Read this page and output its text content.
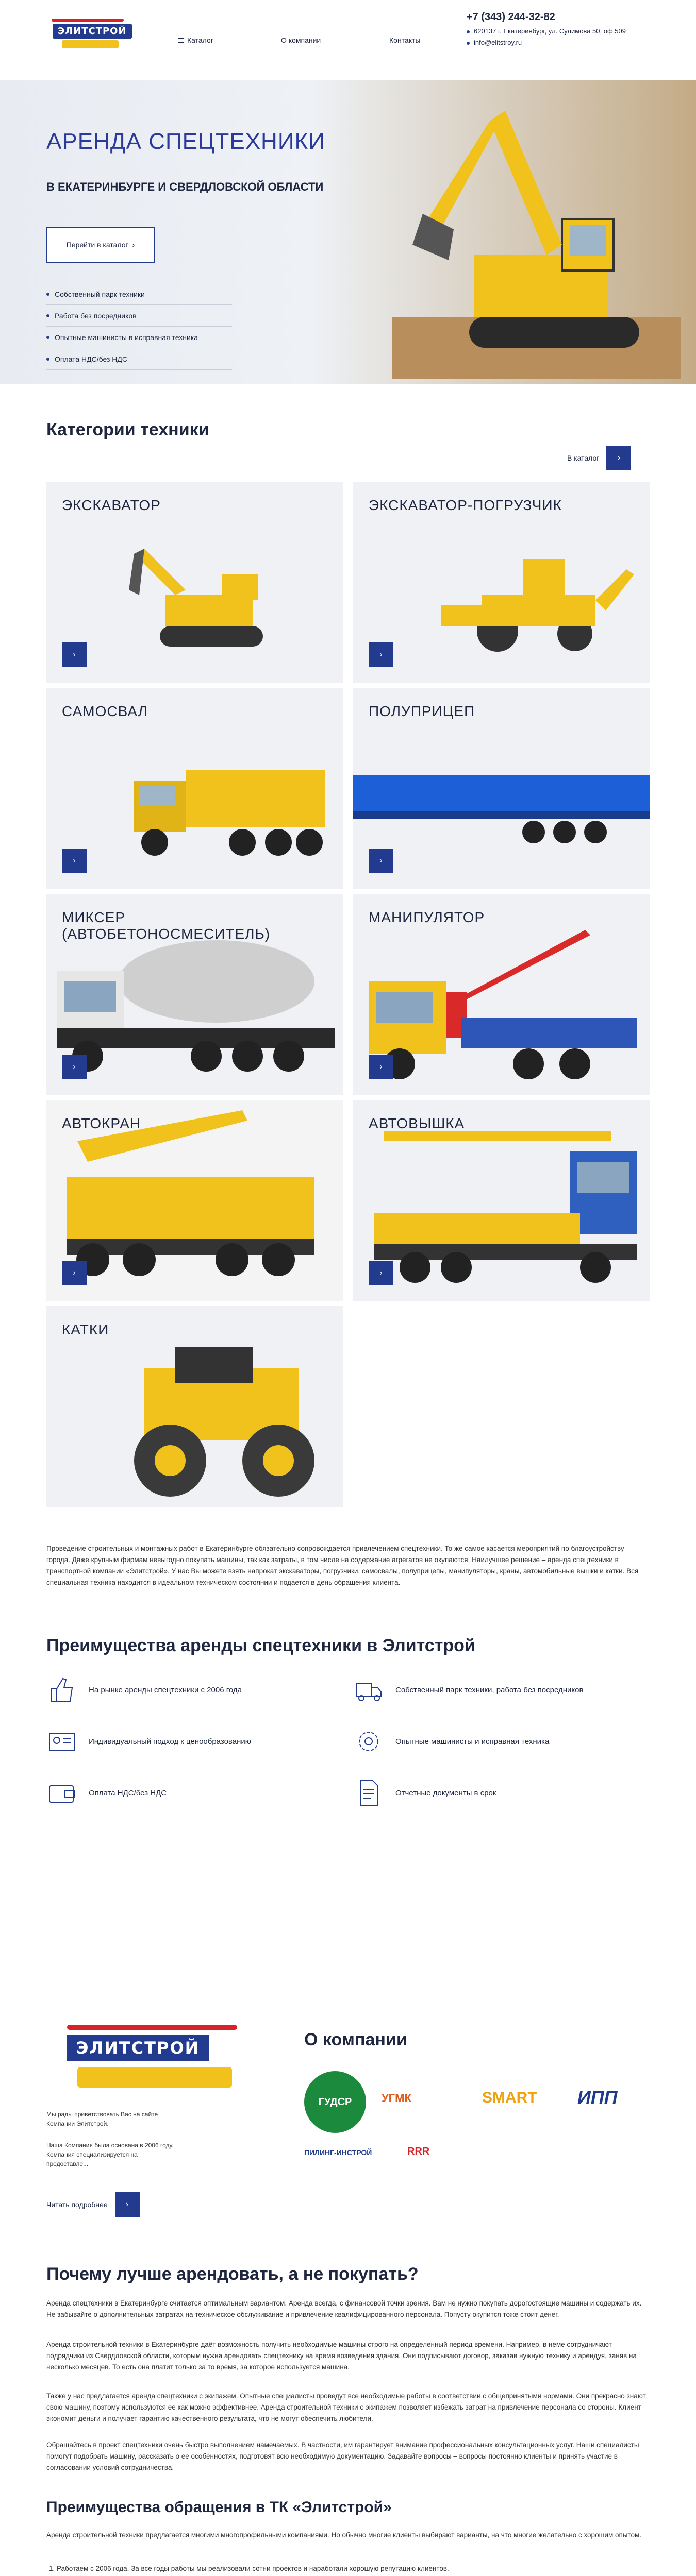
ЭЛИТСТРОЙ
Каталог	О компании	Контакты
+7 (343) 244-32-82
620137 г. Екатеринбург, ул. Сулимова 50, оф.509
info@elitstroy.ru
АРЕНДА СПЕЦТЕХНИКИ
В ЕКАТЕРИНБУРГЕ И СВЕРДЛОВСКОЙ ОБЛАСТИ
Перейти в каталог ›
Собственный парк техники
Работа без посредников
Опытные машинисты в исправная техника
Оплата НДС/без НДС
Категории техники
В каталог	›
ЭКСКАВАТОР
›
ЭКСКАВАТОР-ПОГРУЗЧИК
›
САМОСВАЛ
›
ПОЛУПРИЦЕП
›
МИКСЕР (АВТОБЕТОНОСМЕСИТЕЛЬ)
›
МАНИПУЛЯТОР
›
АВТОКРАН
›
АВТОВЫШКА
›
КАТКИ
Проведение строительных и монтажных работ в Екатеринбурге обязательно сопровождается привлечением спецтехники. То же самое касается мероприятий по благоустройству города. Даже крупным фирмам невыгодно покупать машины, так как затраты, в том числе на содержание агрегатов не окупаются. Наилучшее решение – аренда спецтехники в транспортной компании «Элитстрой». У нас Вы можете взять напрокат экскаваторы, погрузчики, самосвалы, полуприцепы, манипуляторы, краны, автомобильные вышки и катки. Вся специальная техника находится в идеальном техническом состоянии и подается в день обращения клиента.
Преимущества аренды спецтехники в Элитстрой
На рынке аренды спецтехники с 2006 года	Собственный парк техники, работа без посредников
Индивидуальный подход к ценообразованию	Опытные машинисты и исправная техника
Оплата НДС/без НДС	Отчетные документы в срок
ЭЛИТСТРОЙ
Мы рады приветствовать Вас на сайте Компании Элитстрой.
Наша Компания была основана в 2006 году. Компания специализируется на предоставле...
Читать подробнее	›
О компании
ГУДСР	УГМК	SMART ИПП
ПИЛИНГ-ИНСТРОЙ	RRR
Почему лучше арендовать, а не покупать?
Аренда спецтехники в Екатеринбурге считается оптимальным вариантом. Аренда всегда, с финансовой точки зрения. Вам не нужно покупать дорогостоящие машины и содержать их. Не забывайте о дополнительных затратах на техническое обслуживание и привлечение квалифицированного персонала. Попусту окупится тоже стоит денег.
Аренда строительной техники в Екатеринбурге даёт возможность получить необходимые машины строго на определенный период времени. Например, в неме сотрудничают подрядчики из Свердловской области, которым нужна арендовать спецтехнику на время возведения здания. Они подписывают договор, заказав нужную технику и арендуя, заняв на несколько месяцев. То есть она платит только за то время, за которое используется машина.
Также у нас предлагается аренда спецтехники с экипажем. Опытные специалисты проведут все необходимые работы в соответствии с общепринятыми нормами. Они прекрасно знают свою машину, поэтому используются ее как можно эффективнее. Аренда строительной техники с экипажем позволяет избежать затрат на привлечение персонала со стороны. Клиент экономит деньги и получает гарантию качественного результата, что не могут обеспечить любители.
Обращайтесь в проект спецтехники очень быстро выполнением намечаемых. В частности, им гарантирует внимание профессиональных консультационных услуг. Наши специалисты помогут подобрать машину, рассказать о ее особенностях, подготовят всю необходимую документацию. Задавайте вопросы – вопросы постоянно клиенты и принять участие в согласовании условий сотрудничества.
Преимущества обращения в ТК «Элитстрой»
Аренда строительной техники предлагается многими многопрофильными компаниями. Но обычно многие клиенты выбирают варианты, на что многие желательно с хорошим опытом.
1. Работаем с 2006 года. За все годы работы мы реализовали сотни проектов и наработали хорошую репутацию клиентов.
